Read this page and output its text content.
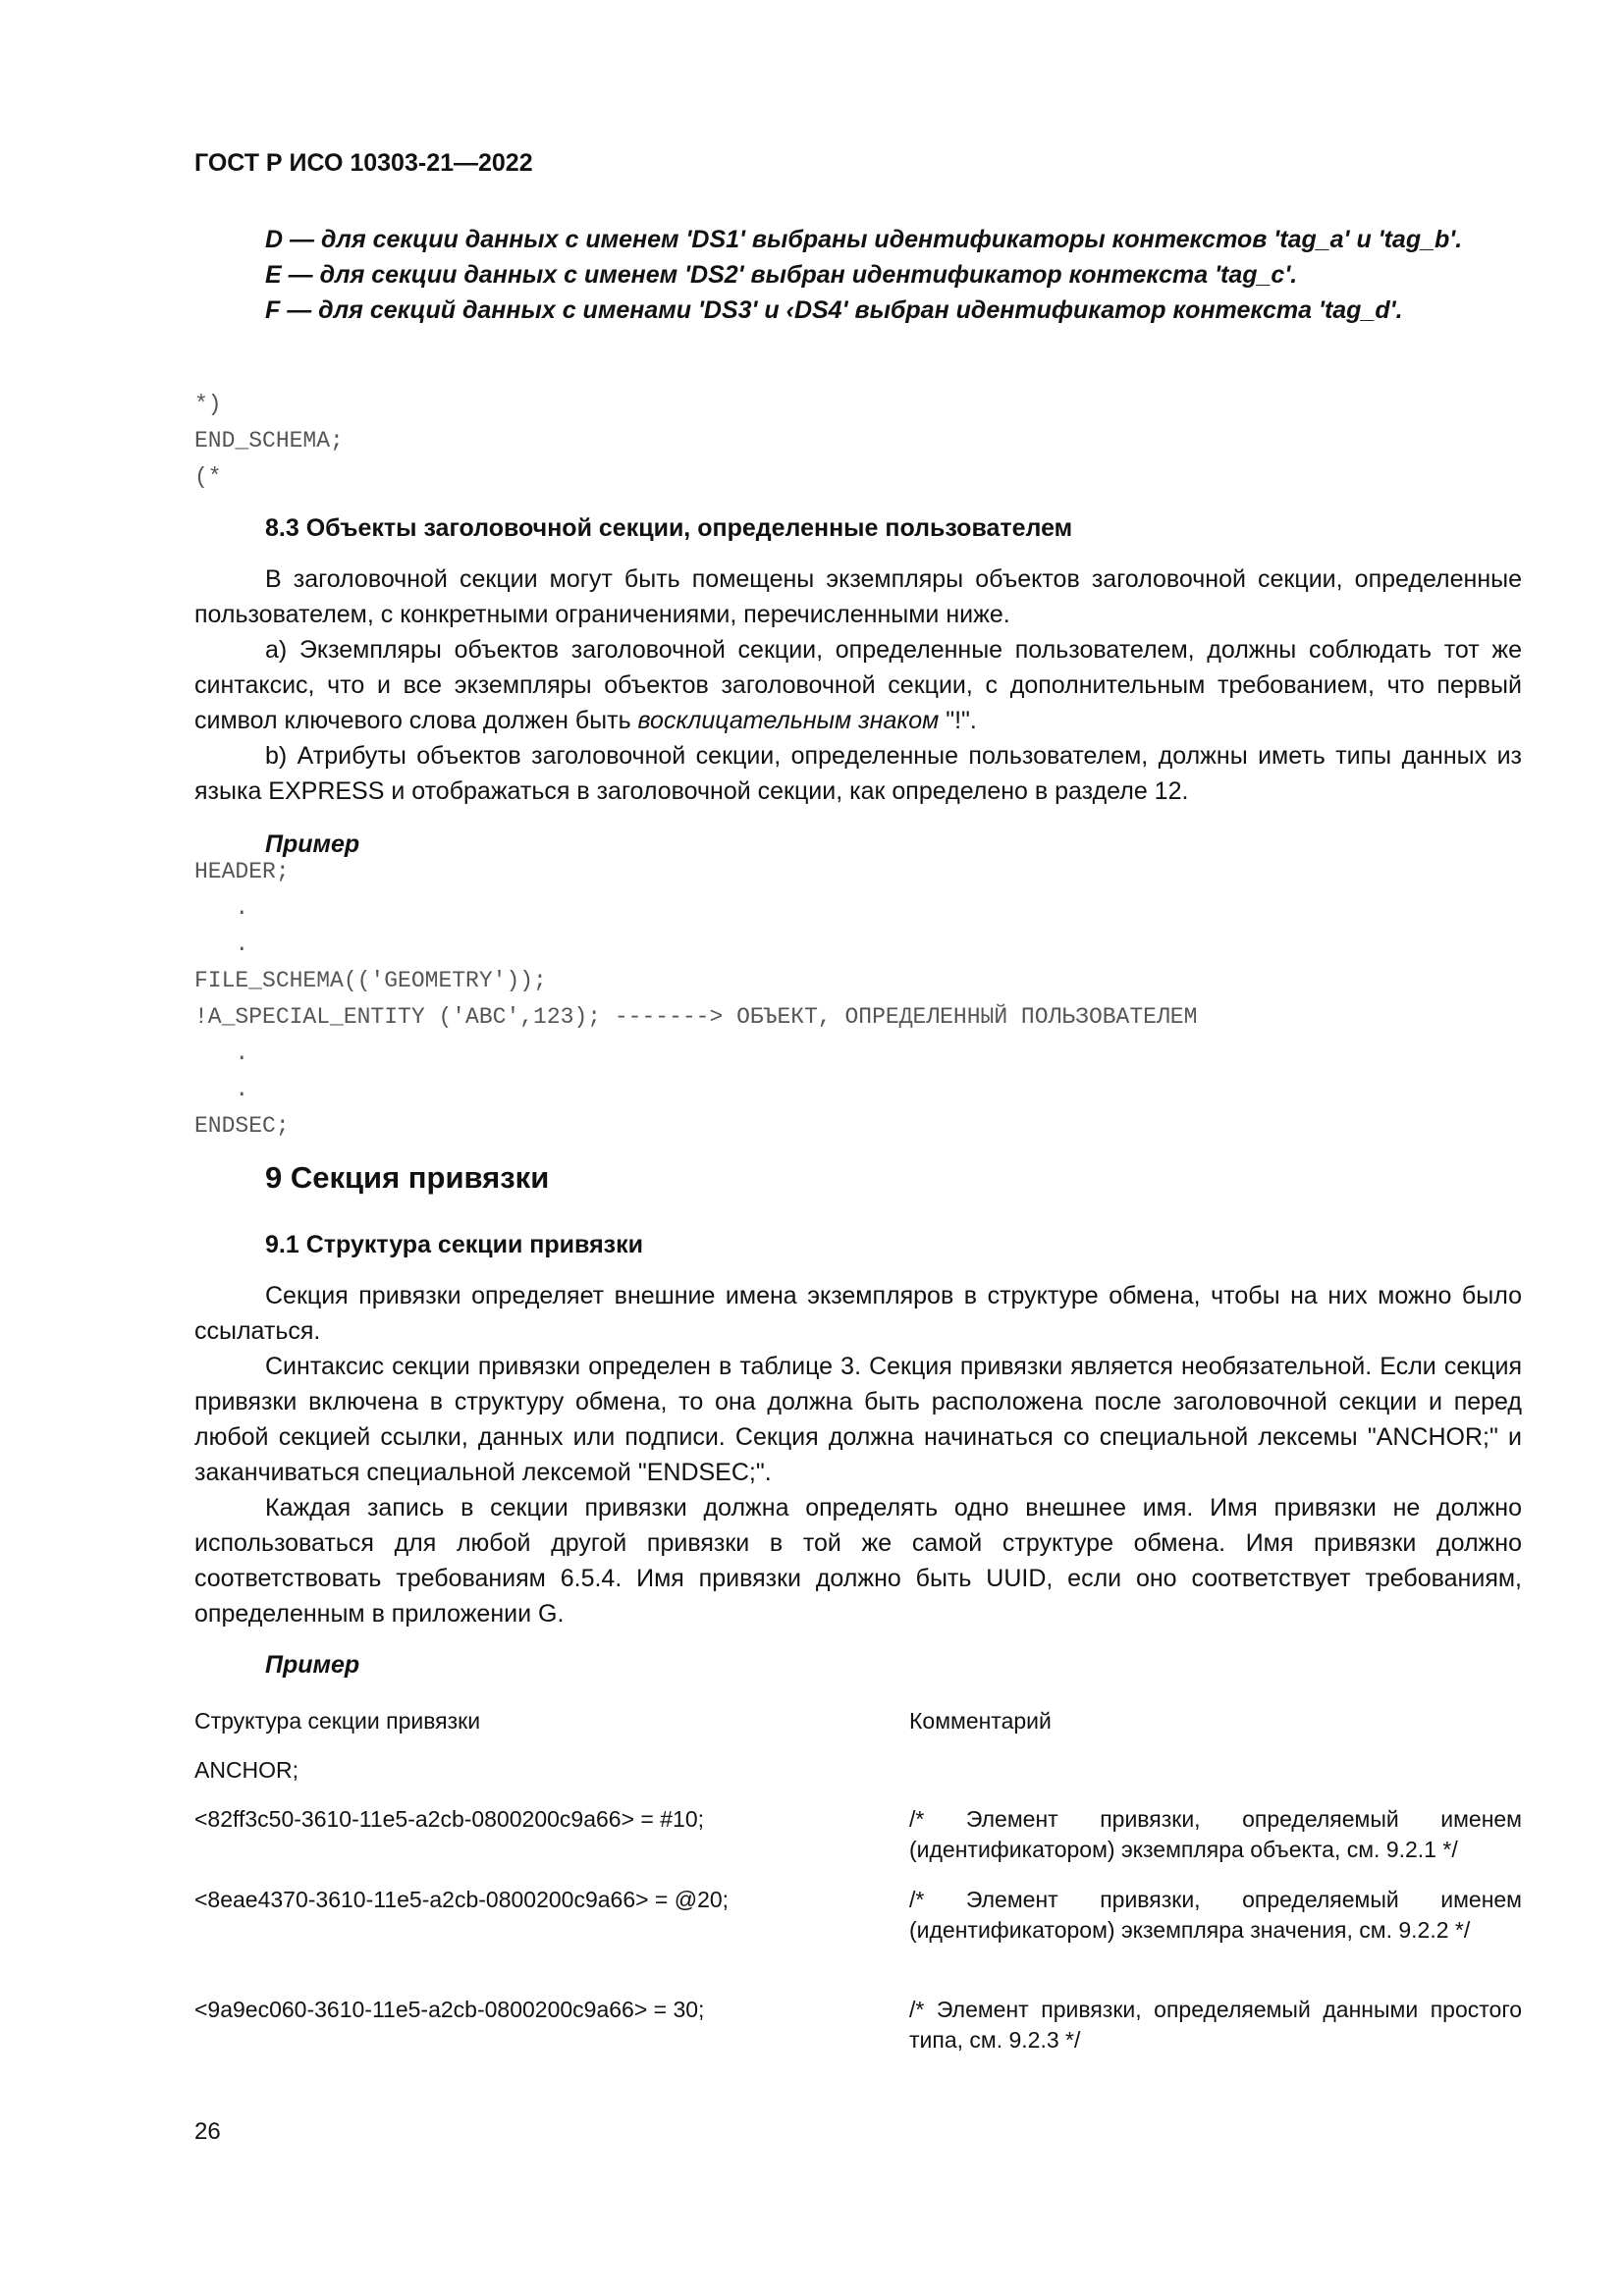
ГОСТ Р ИСО 10303-21—2022

D — для секции данных с именем 'DS1' выбраны идентификаторы контекстов 'tag_a' и 'tag_b'.

E — для секции данных с именем 'DS2' выбран идентификатор контекста 'tag_c'.

F — для секций данных с именами 'DS3' и ‹DS4' выбран идентификатор контекста 'tag_d'.

*)
END_SCHEMA;
(*

8.3 Объекты заголовочной секции, определенные пользователем

В заголовочной секции могут быть помещены экземпляры объектов заголовочной секции, определенные пользователем, с конкретными ограничениями, перечисленными ниже.

a) Экземпляры объектов заголовочной секции, определенные пользователем, должны соблюдать тот же синтаксис, что и все экземпляры объектов заголовочной секции, с дополнительным требованием, что первый символ ключевого слова должен быть восклицательным знаком "!".

b) Атрибуты объектов заголовочной секции, определенные пользователем, должны иметь типы данных из языка EXPRESS и отображаться в заголовочной секции, как определено в разделе 12.

Пример

HEADER;
.
.
FILE_SCHEMA(('GEOMETRY'));
!A_SPECIAL_ENTITY ('ABC',123); -------> ОБЪЕКТ, ОПРЕДЕЛЕННЫЙ ПОЛЬЗОВАТЕЛЕМ
.
.
ENDSEC;

9 Секция привязки

9.1 Структура секции привязки

Секция привязки определяет внешние имена экземпляров в структуре обмена, чтобы на них можно было ссылаться.

Синтаксис секции привязки определен в таблице 3. Секция привязки является необязательной. Если секция привязки включена в структуру обмена, то она должна быть расположена после заголовочной секции и перед любой секцией ссылки, данных или подписи. Секция должна начинаться со специальной лексемы "ANCHOR;" и заканчиваться специальной лексемой "ENDSEC;".

Каждая запись в секции привязки должна определять одно внешнее имя. Имя привязки не должно использоваться для любой другой привязки в той же самой структуре обмена. Имя привязки должно соответствовать требованиям 6.5.4. Имя привязки должно быть UUID, если оно соответствует требованиям, определенным в приложении G.

Пример

Структура секции привязки	Комментарий
ANCHOR;
<82ff3c50-3610-11e5-a2cb-0800200c9a66> = #10;	/* Элемент привязки, определяемый именем (идентификатором) экземпляра объекта, см. 9.2.1 */
<8eae4370-3610-11e5-a2cb-0800200c9a66> = @20;	/* Элемент привязки, определяемый именем (идентификатором) экземпляра значения, см. 9.2.2 */
<9a9ec060-3610-11e5-a2cb-0800200c9a66> = 30;	/* Элемент привязки, определяемый данными простого типа, см. 9.2.3 */
26
